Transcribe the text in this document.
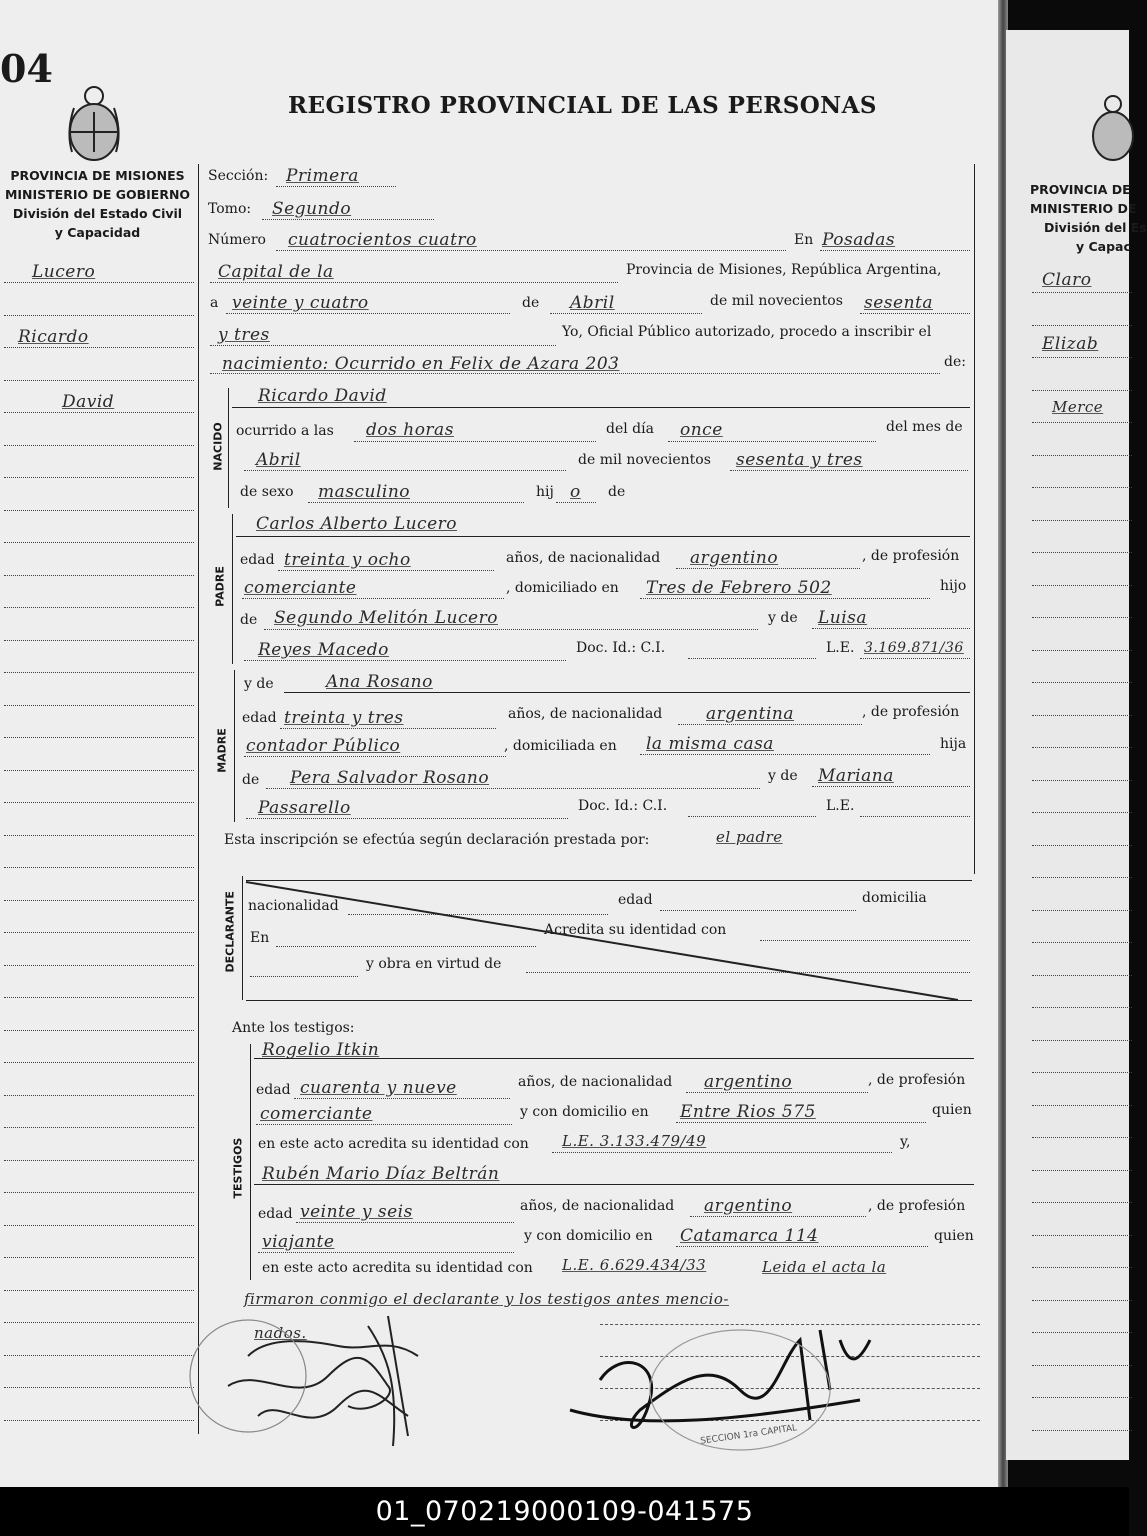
04
REGISTRO PROVINCIAL DE LAS PERSONAS
PROVINCIA DE MISIONES
MINISTERIO DE GOBIERNO
División del Estado Civil
y Capacidad
Lucero
Ricardo
David
Sección: Primera
Tomo: Segundo
Número cuatrocientos cuatro	En Posadas
Capital de la	Provincia de Misiones, República Argentina,
a veinte y cuatro	de Abril	de mil novecientos sesenta
y tres	Yo, Oficial Público autorizado, procedo a inscribir el
nacimiento: Ocurrido en Felix de Azara 203	de:
NACIDO
Ricardo David
ocurrido a las dos horas	del día once	del mes de
Abril	de mil novecientos sesenta y tres
de sexo masculino	hij o de
PADRE
Carlos Alberto Lucero
edad treinta y ocho	años, de nacionalidad argentino	, de profesión
comerciante	, domiciliado en Tres de Febrero 502	hijo
de Segundo Melitón Lucero	y de Luisa
Reyes Macedo	Doc. Id.: C.I.	L.E. 3.169.871/36
MADRE
y de	Ana Rosano
edad treinta y tres	años, de nacionalidad	argentina	, de profesión
contador Público	, domiciliada en la misma casa	hija
de Pera Salvador Rosano	y de Mariana
Passarello	Doc. Id.: C.I.	L.E.
Esta inscripción se efectúa según declaración prestada por:	el padre
DECLARANTE nacionalidad	edad	domicilia
En	Acredita su identidad con
y obra en virtud de
Ante los testigos:
TESTIGOS
Rogelio Itkin
edad cuarenta y nueve	años, de nacionalidad argentino	, de profesión
comerciante	y con domicilio en Entre Rios 575	quien
en este acto acredita su identidad con L.E. 3.133.479/49	y,
Rubén Mario Díaz Beltrán
edad veinte y seis	años, de nacionalidad argentino	, de profesión
viajante	y con domicilio en Catamarca 114	quien
en este acto acredita su identidad con L.E. 6.629.434/33	Leida el acta la
firmaron conmigo el declarante y los testigos antes mencio-
nados.
SECCION 1ra CAPITAL
PROVINCIA DE
MINISTERIO DE
División del Es
y Capac
Claro
Elizab
Merce
01_070219000109-041575
